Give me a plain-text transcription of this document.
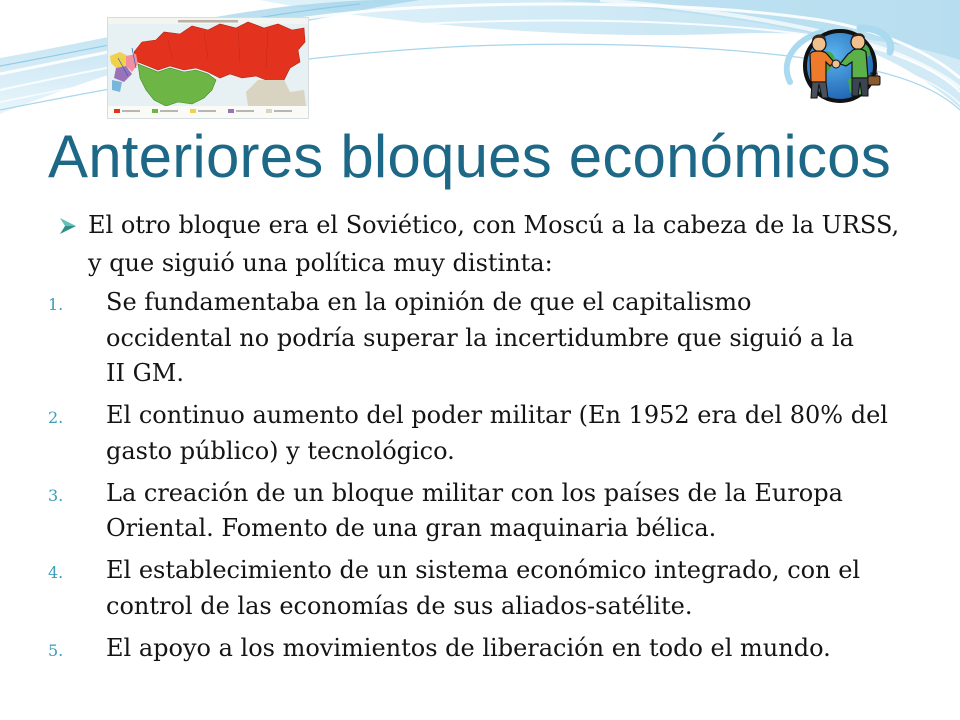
Anteriores bloques económicos
El otro bloque era el Soviético, con Moscú a la cabeza de la URSS,
y que siguió una política muy distinta:
1. Se fundamentaba en la opinión de que el capitalismo
occidental no podría superar la incertidumbre que siguió a la
II GM.
2. El continuo aumento del poder militar (En 1952 era del 80% del
gasto público) y tecnológico.
3. La creación de un bloque militar con los países de la Europa
Oriental. Fomento de una gran maquinaria bélica.
4. El establecimiento de un sistema económico integrado, con el
control de las economías de sus aliados-satélite.
5. El apoyo a los movimientos de liberación en todo el mundo.
